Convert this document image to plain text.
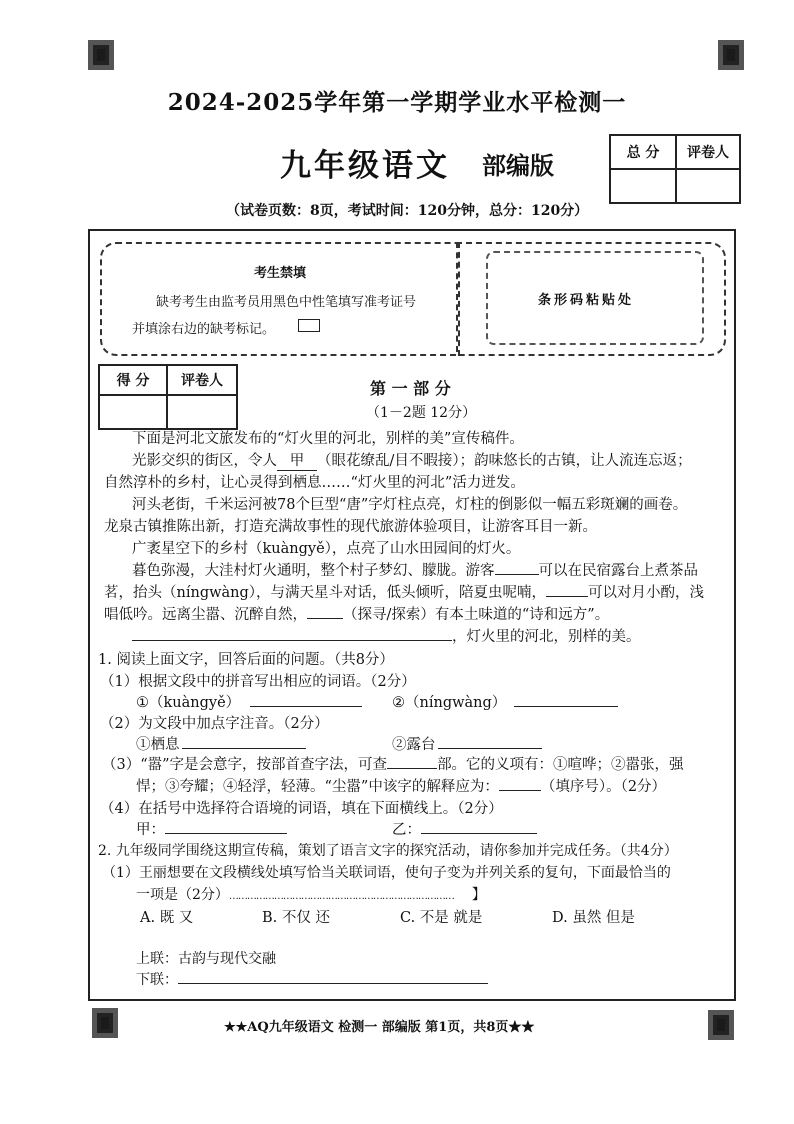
2024-2025学年第一学期学业水平检测一
九年级语文 部编版
（试卷页数：8页，考试时间：120分钟，总分：120分）
总 分	评卷人

考生禁填
缺考考生由监考员用黑色中性笔填写准考证号
并填涂右边的缺考标记。
条形码粘贴处
得 分	评卷人
		第 一 部 分
（1－2题 12分）
下面是河北文旅发布的“灯火里的河北，别样的美”宣传稿件。
光影交织的街区，令人 甲 （眼花缭乱/目不暇接）；韵味悠长的古镇，让人流连忘返；
自然淳朴的乡村，让心灵得到栖息……“灯火里的河北”活力迸发。
河头老街，千米运河被78个巨型“唐”字灯柱点亮，灯柱的倒影似一幅五彩斑斓的画卷。
龙泉古镇推陈出新，打造充满故事性的现代旅游体验项目，让游客耳目一新。
广袤星空下的乡村（kuàngyě），点亮了山水田园间的灯火。
暮色弥漫，大洼村灯火通明，整个村子梦幻、朦胧。游客	可以在民宿露台上煮茶品
茗，抬头（níngwàng），与满天星斗对话，低头倾听，陪夏虫呢喃，	可以对月小酌，浅
唱低吟。远离尘嚣、沉醉自然， （探寻/探索）有本土味道的“诗和远方”。
，灯火里的河北，别样的美。
1. 阅读上面文字，回答后面的问题。（共8分）
（1）根据文段中的拼音写出相应的词语。（2分）
①（kuàngyě）	②（níngwàng）
（2）为文段中加点字注音。（2分）
①栖息	②露台
（3）“嚣”字是会意字，按部首查字法，可查	部。它的义项有：①喧哗；②嚣张，强
悍；③夸耀；④轻浮，轻薄。“尘嚣”中该字的解释应为：	（填序号）。（2分）
（4）在括号中选择符合语境的词语，填在下面横线上。（2分）
甲：	乙：
2. 九年级同学围绕这期宣传稿，策划了语言文字的探究活动，请你参加并完成任务。（共4分）
（1）王丽想要在文段横线处填写恰当关联词语，使句子变为并列关系的复句，下面最恰当的
一项是（2分）………………………………………………………………… 】
A. 既 又	B. 不仅 还	C. 不是 就是	D. 虽然 但是
★★AQ九年级语文 检测一 部编版 第1页，共8页★★
上联：古韵与现代交融
下联：
